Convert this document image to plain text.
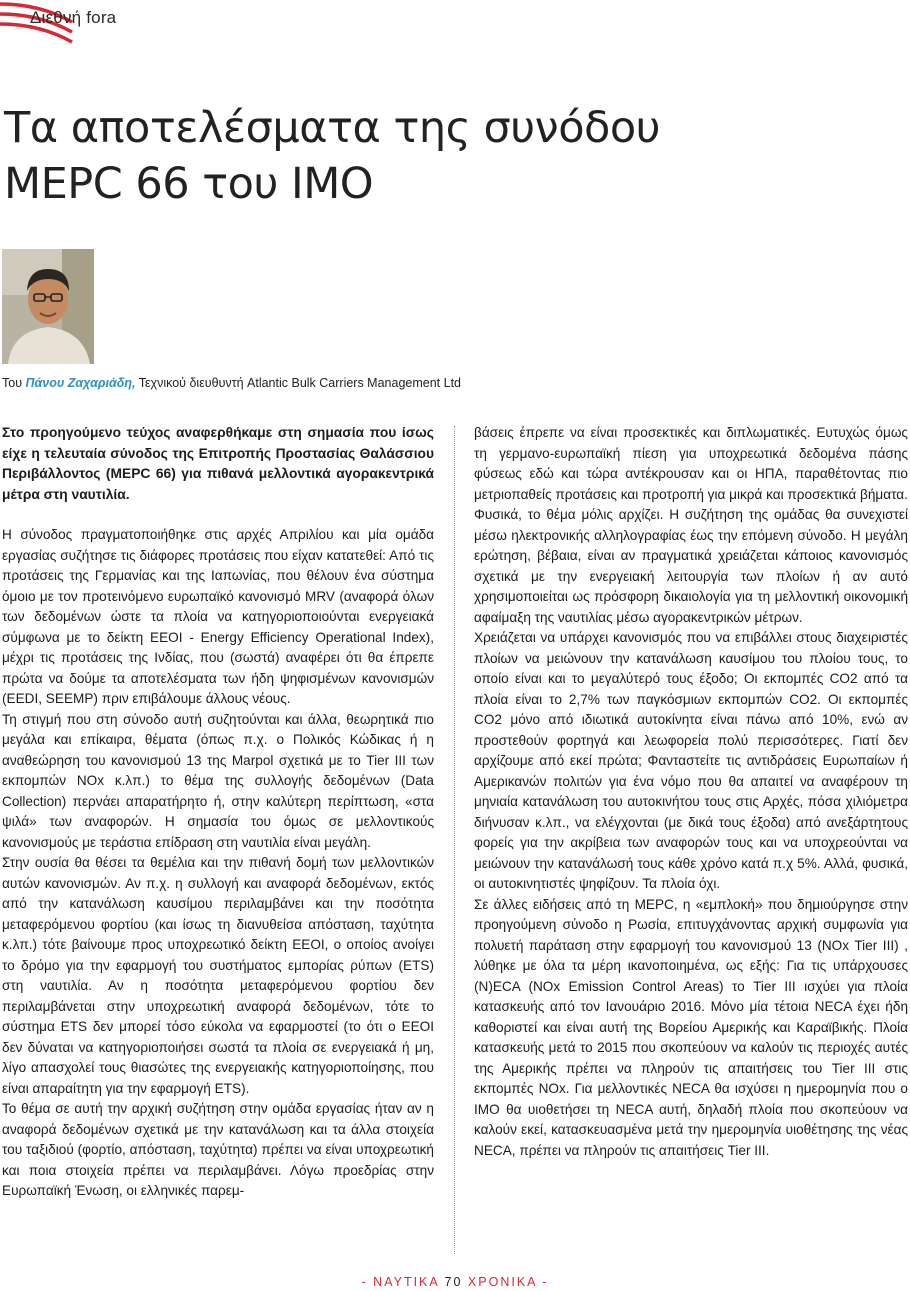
Διεθνή fora
Τα αποτελέσματα της συνόδου
MEPC 66 του IMO
Του Πάνου Ζαχαριάδη, Τεχνικού διευθυντή Atlantic Bulk Carriers Management Ltd

Στο προηγούμενο τεύχος αναφερθήκαμε στη σημασία που ίσως είχε η τελευταία σύνοδος της Επιτροπής Προστασίας Θαλάσσιου Περιβάλλοντος (MEPC 66) για πιθανά μελλοντικά αγορακεντρικά μέτρα στη ναυτιλία.

Η σύνοδος πραγματοποιήθηκε στις αρχές Απριλίου και μία ομάδα εργασίας συζήτησε τις διάφορες προτάσεις που είχαν κατατεθεί: Από τις προτάσεις της Γερμανίας και της Ιαπωνίας, που θέλουν ένα σύστημα όμοιο με τον προτεινόμενο ευρωπαϊκό κανονισμό MRV (αναφορά όλων των δεδομένων ώστε τα πλοία να κατηγοριοποιούνται ενεργειακά σύμφωνα με το δείκτη EEOI - Energy Efficiency Operational Index), μέχρι τις προτάσεις της Ινδίας, που (σωστά) αναφέρει ότι θα έπρεπε πρώτα να δούμε τα αποτελέσματα των ήδη ψηφισμένων κανονισμών (EEDI, SEEMP) πριν επιβάλουμε άλλους νέους.

Τη στιγμή που στη σύνοδο αυτή συζητούνται και άλλα, θεωρητικά πιο μεγάλα και επίκαιρα, θέματα (όπως π.χ. ο Πολικός Κώδικας ή η αναθεώρηση του κανονισμού 13 της Marpol σχετικά με το Tier III των εκπομπών NOx κ.λπ.) το θέμα της συλλογής δεδομένων (Data Collection) περνάει απαρατήρητο ή, στην καλύτερη περίπτωση, «στα ψιλά» των αναφορών. Η σημασία του όμως σε μελλοντικούς κανονισμούς με τεράστια επίδραση στη ναυτιλία είναι μεγάλη.

Στην ουσία θα θέσει τα θεμέλια και την πιθανή δομή των μελλοντικών αυτών κανονισμών. Αν π.χ. η συλλογή και αναφορά δεδομένων, εκτός από την κατανάλωση καυσίμου περιλαμβάνει και την ποσότητα μεταφερόμενου φορτίου (και ίσως τη διανυθείσα απόσταση, ταχύτητα κ.λπ.) τότε βαίνουμε προς υποχρεωτικό δείκτη EEOI, ο οποίος ανοίγει το δρόμο για την εφαρμογή του συστήματος εμπορίας ρύπων (ETS) στη ναυτιλία. Αν η ποσότητα μεταφερόμενου φορτίου δεν περιλαμβάνεται στην υποχρεωτική αναφορά δεδομένων, τότε το σύστημα ETS δεν μπορεί τόσο εύκολα να εφαρμοστεί (το ότι ο EEOI δεν δύναται να κατηγοριοποιήσει σωστά τα πλοία σε ενεργειακά ή μη, λίγο απασχολεί τους θιασώτες της ενεργειακής κατηγοριοποίησης, που είναι απαραίτητη για την εφαρμογή ETS).

Το θέμα σε αυτή την αρχική συζήτηση στην ομάδα εργασίας ήταν αν η αναφορά δεδομένων σχετικά με την κατανάλωση και τα άλλα στοιχεία του ταξιδιού (φορτίο, απόσταση, ταχύτητα) πρέπει να είναι υποχρεωτική και ποια στοιχεία πρέπει να περιλαμβάνει. Λόγω προεδρίας στην Ευρωπαϊκή Ένωση, οι ελληνικές παρεμ-

βάσεις έπρεπε να είναι προσεκτικές και διπλωματικές. Ευτυχώς όμως τη γερμανο-ευρωπαϊκή πίεση για υποχρεωτικά δεδομένα πάσης φύσεως εδώ και τώρα αντέκρουσαν και οι ΗΠΑ, παραθέτοντας πιο μετριοπαθείς προτάσεις και προτροπή για μικρά και προσεκτικά βήματα.

Φυσικά, το θέμα μόλις αρχίζει. Η συζήτηση της ομάδας θα συνεχιστεί μέσω ηλεκτρονικής αλληλογραφίας έως την επόμενη σύνοδο. Η μεγάλη ερώτηση, βέβαια, είναι αν πραγματικά χρειάζεται κάποιος κανονισμός σχετικά με την ενεργειακή λειτουργία των πλοίων ή αν αυτό χρησιμοποιείται ως πρόσφορη δικαιολογία για τη μελλοντική οικονομική αφαίμαξη της ναυτιλίας μέσω αγορακεντρικών μέτρων.

Χρειάζεται να υπάρχει κανονισμός που να επιβάλλει στους διαχειριστές πλοίων να μειώνουν την κατανάλωση καυσίμου του πλοίου τους, το οποίο είναι και το μεγαλύτερό τους έξοδο; Οι εκπομπές CO2 από τα πλοία είναι το 2,7% των παγκόσμιων εκπομπών CO2. Οι εκπομπές CO2 μόνο από ιδιωτικά αυτοκίνητα είναι πάνω από 10%, ενώ αν προστεθούν φορτηγά και λεωφορεία πολύ περισσότερες. Γιατί δεν αρχίζουμε από εκεί πρώτα; Φανταστείτε τις αντιδράσεις Ευρωπαίων ή Αμερικανών πολιτών για ένα νόμο που θα απαιτεί να αναφέρουν τη μηνιαία κατανάλωση του αυτοκινήτου τους στις Αρχές, πόσα χιλιόμετρα διήνυσαν κ.λπ., να ελέγχονται (με δικά τους έξοδα) από ανεξάρτητους φορείς για την ακρίβεια των αναφορών τους και να υποχρεούνται να μειώνουν την κατανάλωσή τους κάθε χρόνο κατά π.χ 5%. Αλλά, φυσικά, οι αυτοκινητιστές ψηφίζουν. Τα πλοία όχι.

Σε άλλες ειδήσεις από τη MEPC, η «εμπλοκή» που δημιούργησε στην προηγούμενη σύνοδο η Ρωσία, επιτυγχάνοντας αρχική συμφωνία για πολυετή παράταση στην εφαρμογή του κανονισμού 13 (NOx Tier III) , λύθηκε με όλα τα μέρη ικανοποιημένα, ως εξής: Για τις υπάρχουσες (N)ECA (NOx Emission Control Areas) το Tier III ισχύει για πλοία κατασκευής από τον Ιανουάριο 2016. Μόνο μία τέτοια NECA έχει ήδη καθοριστεί και είναι αυτή της Βορείου Αμερικής και Καραϊβικής. Πλοία κατασκευής μετά το 2015 που σκοπεύουν να καλούν τις περιοχές αυτές της Αμερικής πρέπει να πληρούν τις απαιτήσεις του Tier III στις εκπομπές NOx. Για μελλοντικές NECA θα ισχύσει η ημερομηνία που ο ΙΜΟ θα υιοθετήσει τη NECA αυτή, δηλαδή πλοία που σκοπεύουν να καλούν εκεί, κατασκευασμένα μετά την ημερομηνία υιοθέτησης της νέας NECA, πρέπει να πληρούν τις απαιτήσεις Tier III.

- ΝΑΥΤΙΚΑ 70 ΧΡΟΝΙΚΑ -
